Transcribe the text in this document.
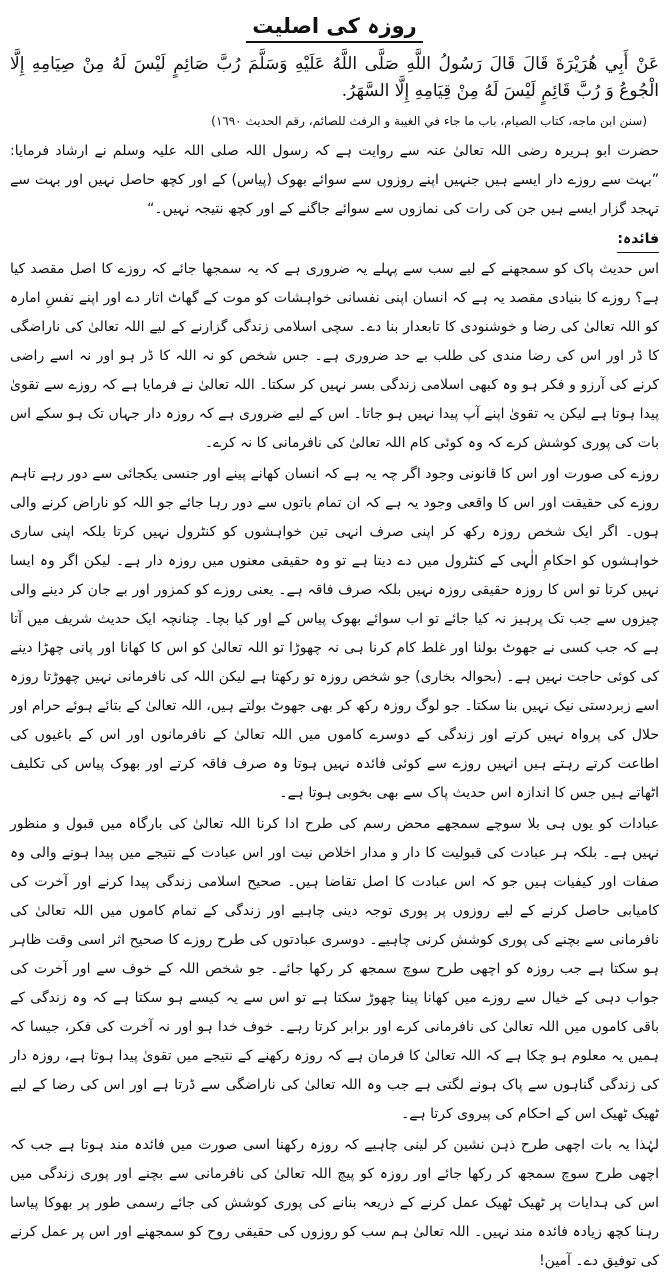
روزہ کی اصلیت

عَنْ أَبِي هُرَيْرَةَ قَالَ قَالَ رَسُولُ اللَّهِ صَلَّى اللَّهُ عَلَيْهِ وَسَلَّمَ رُبَّ صَائِمٍ لَيْسَ لَهُ مِنْ صِيَامِهِ إِلَّا الْجُوعُ وَ رُبَّ قَائِمٍ لَيْسَ لَهُ مِنْ قِيَامِهِ إِلَّا السَّهَرُ.

(سنن ابن ماجه، كتاب الصيام، باب ما جاء في الغيبة و الرفث للصائم، رقم الحديث ١٦٩٠)

حضرت ابو ہریرہ رضی اللہ تعالیٰ عنہ سے روایت ہے کہ رسول اللہ صلی اللہ علیہ وسلم نے ارشاد فرمایا: ”بہت سے روزے دار ایسے ہیں جنہیں اپنے روزوں سے سوائے بھوک (پیاس) کے اور کچھ حاصل نہیں اور بہت سے تہجد گزار ایسے ہیں جن کی رات کی نمازوں سے سوائے جاگنے کے اور کچھ نتیجہ نہیں۔“

فائدہ:

اس حدیث پاک کو سمجھنے کے لیے سب سے پہلے یہ ضروری ہے کہ یہ سمجھا جائے کہ روزے کا اصل مقصد کیا ہے؟ روزے کا بنیادی مقصد یہ ہے کہ انسان اپنی نفسانی خواہشات کو موت کے گھاٹ اتار دے اور اپنے نفسِ امارہ کو اللہ تعالیٰ کی رضا و خوشنودی کا تابعدار بنا دے۔ سچی اسلامی زندگی گزارنے کے لیے اللہ تعالیٰ کی ناراضگی کا ڈر اور اس کی رضا مندی کی طلب بے حد ضروری ہے۔ جس شخص کو نہ اللہ کا ڈر ہو اور نہ اسے راضی کرنے کی آرزو و فکر ہو وہ کبھی اسلامی زندگی بسر نہیں کر سکتا۔ اللہ تعالیٰ نے فرمایا ہے کہ روزے سے تقویٰ پیدا ہوتا ہے لیکن یہ تقویٰ اپنے آپ پیدا نہیں ہو جاتا۔ اس کے لیے ضروری ہے کہ روزہ دار جہاں تک ہو سکے اس بات کی پوری کوشش کرے کہ وہ کوئی کام اللہ تعالیٰ کی نافرمانی کا نہ کرے۔

روزے کی صورت اور اس کا قانونی وجود اگر چہ یہ ہے کہ انسان کھانے پینے اور جنسی یکجائی سے دور رہے تاہم روزے کی حقیقت اور اس کا واقعی وجود یہ ہے کہ ان تمام باتوں سے دور رہا جائے جو اللہ کو ناراض کرنے والی ہوں۔ اگر ایک شخص روزہ رکھ کر اپنی صرف انہی تین خواہشوں کو کنٹرول نہیں کرتا بلکہ اپنی ساری خواہشوں کو احکامِ الٰہی کے کنٹرول میں دے دیتا ہے تو وہ حقیقی معنوں میں روزہ دار ہے۔ لیکن اگر وہ ایسا نہیں کرتا تو اس کا روزہ حقیقی روزہ نہیں بلکہ صرف فاقہ ہے۔ یعنی روزے کو کمزور اور بے جان کر دینے والی چیزوں سے جب تک پرہیز نہ کیا جائے تو اب سوائے بھوک پیاس کے اور کیا بچا۔ چنانچہ ایک حدیث شریف میں آتا ہے کہ جب کسی نے جھوٹ بولنا اور غلط کام کرنا ہی نہ چھوڑا تو اللہ تعالیٰ کو اس کا کھانا اور پانی چھڑا دینے کی کوئی حاجت نہیں ہے۔ (بحوالہ بخاری) جو شخص روزہ تو رکھتا ہے لیکن اللہ کی نافرمانی نہیں چھوڑتا روزہ اسے زبردستی نیک نہیں بنا سکتا۔ جو لوگ روزہ رکھ کر بھی جھوٹ بولتے ہیں، اللہ تعالیٰ کے بتائے ہوئے حرام اور حلال کی پرواہ نہیں کرتے اور زندگی کے دوسرے کاموں میں اللہ تعالیٰ کے نافرمانوں اور اس کے باغیوں کی اطاعت کرتے رہتے ہیں انہیں روزے سے کوئی فائدہ نہیں ہوتا وہ صرف فاقہ کرتے اور بھوک پیاس کی تکلیف اٹھاتے ہیں جس کا اندازہ اس حدیث پاک سے بھی بخوبی ہوتا ہے۔

عبادات کو یوں ہی بلا سوچے سمجھے محض رسم کی طرح ادا کرنا اللہ تعالیٰ کی بارگاہ میں قبول و منظور نہیں ہے۔ بلکہ ہر عبادت کی قبولیت کا دار و مدار اخلاص نیت اور اس عبادت کے نتیجے میں پیدا ہونے والی وہ صفات اور کیفیات ہیں جو کہ اس عبادت کا اصل تقاضا ہیں۔ صحیح اسلامی زندگی پیدا کرنے اور آخرت کی کامیابی حاصل کرنے کے لیے روزوں پر پوری توجہ دینی چاہیے اور زندگی کے تمام کاموں میں اللہ تعالیٰ کی نافرمانی سے بچنے کی پوری کوشش کرنی چاہیے۔ دوسری عبادتوں کی طرح روزے کا صحیح اثر اسی وقت ظاہر ہو سکتا ہے جب روزہ کو اچھی طرح سوچ سمجھ کر رکھا جائے۔ جو شخص اللہ کے خوف سے اور آخرت کی جواب دہی کے خیال سے روزے میں کھانا پینا چھوڑ سکتا ہے تو اس سے یہ کیسے ہو سکتا ہے کہ وہ زندگی کے باقی کاموں میں اللہ تعالیٰ کی نافرمانی کرے اور برابر کرتا رہے۔ خوف خدا ہو اور نہ آخرت کی فکر، جیسا کہ ہمیں یہ معلوم ہو چکا ہے کہ اللہ تعالیٰ کا فرمان ہے کہ روزہ رکھنے کے نتیجے میں تقویٰ پیدا ہوتا ہے، روزہ دار کی زندگی گناہوں سے پاک ہونے لگتی ہے جب وہ اللہ تعالیٰ کی ناراضگی سے ڈرتا ہے اور اس کی رضا کے لیے ٹھیک ٹھیک اس کے احکام کی پیروی کرتا ہے۔

لہٰذا یہ بات اچھی طرح ذہن نشین کر لینی چاہیے کہ روزہ رکھنا اسی صورت میں فائدہ مند ہوتا ہے جب کہ اچھی طرح سوچ سمجھ کر رکھا جائے اور روزہ کو پیچ اللہ تعالیٰ کی نافرمانی سے بچنے اور پوری زندگی میں اس کی ہدایات پر ٹھیک ٹھیک عمل کرنے کے ذریعہ بنانے کی پوری کوشش کی جائے رسمی طور پر بھوکا پیاسا رہنا کچھ زیادہ فائدہ مند نہیں۔ اللہ تعالیٰ ہم سب کو روزوں کی حقیقی روح کو سمجھنے اور اس پر عمل کرنے کی توفیق دے۔ آمین!
